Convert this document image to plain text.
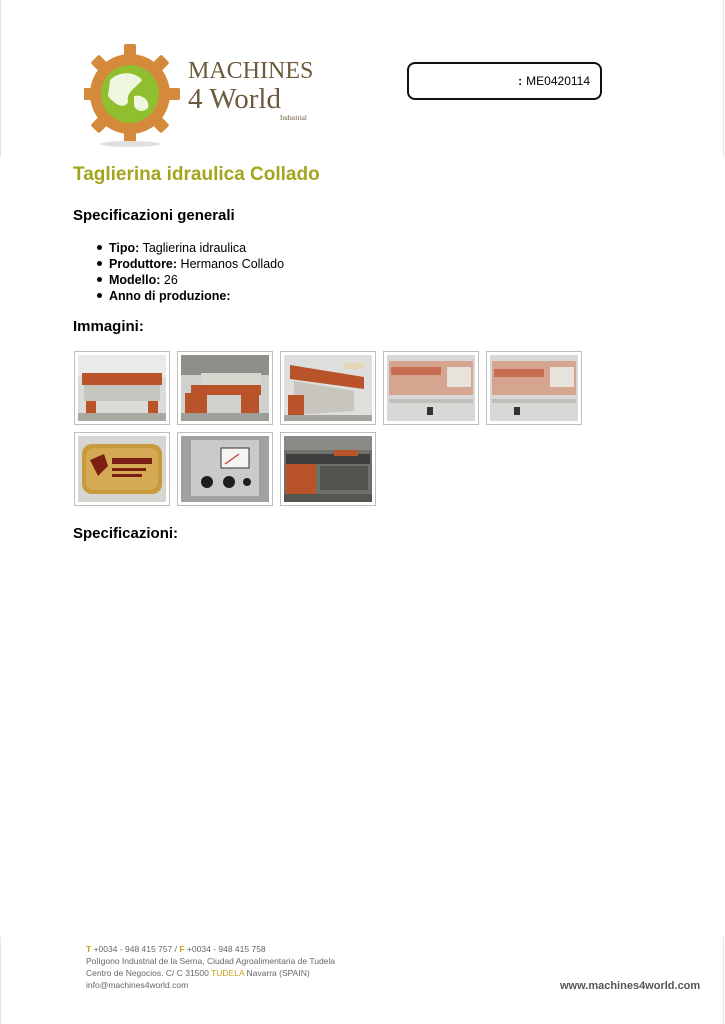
MACHINES
4 World
Industrial
: ME0420114
Taglierina idraulica Collado
Specificazioni generali
Tipo: Taglierina idraulica
Produttore: Hermanos Collado
Modello: 26
Anno di produzione:
Immagini:
Specificazioni:
T +0034 - 948 415 757 / F +0034 - 948 415 758
Polígono Industrial de la Serna, Ciudad Agroalimentaria de Tudela
Centro de Negocios. C/ C 31500 TUDELA Navarra (SPAIN)
info@machines4world.com	www.machines4world.com
